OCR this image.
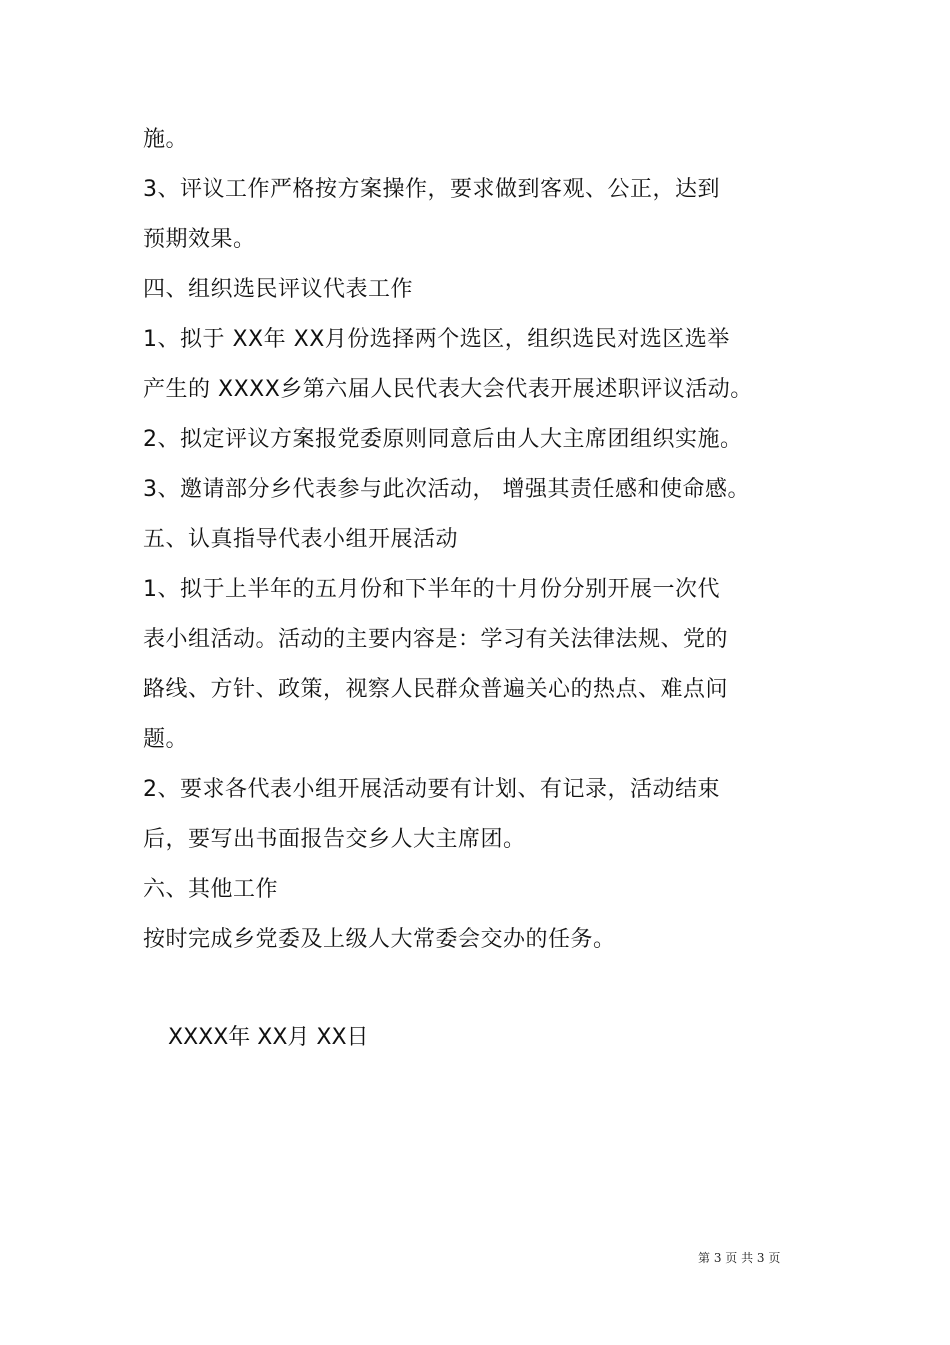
施。
3、评议工作严格按方案操作，要求做到客观、公正，达到
预期效果。
四、组织选民评议代表工作
1、拟于 XX年 XX月份选择两个选区，组织选民对选区选举
产生的 XXXX乡第六届人民代表大会代表开展述职评议活动。
2、拟定评议方案报党委原则同意后由人大主席团组织实施。
3、邀请部分乡代表参与此次活动， 增强其责任感和使命感。
五、认真指导代表小组开展活动
1、拟于上半年的五月份和下半年的十月份分别开展一次代
表小组活动。活动的主要内容是：学习有关法律法规、党的
路线、方针、政策，视察人民群众普遍关心的热点、难点问
题。
2、要求各代表小组开展活动要有计划、有记录，活动结束
后，要写出书面报告交乡人大主席团。
六、其他工作
按时完成乡党委及上级人大常委会交办的任务。
XXXX年 XX月 XX日
第 3 页 共 3 页
